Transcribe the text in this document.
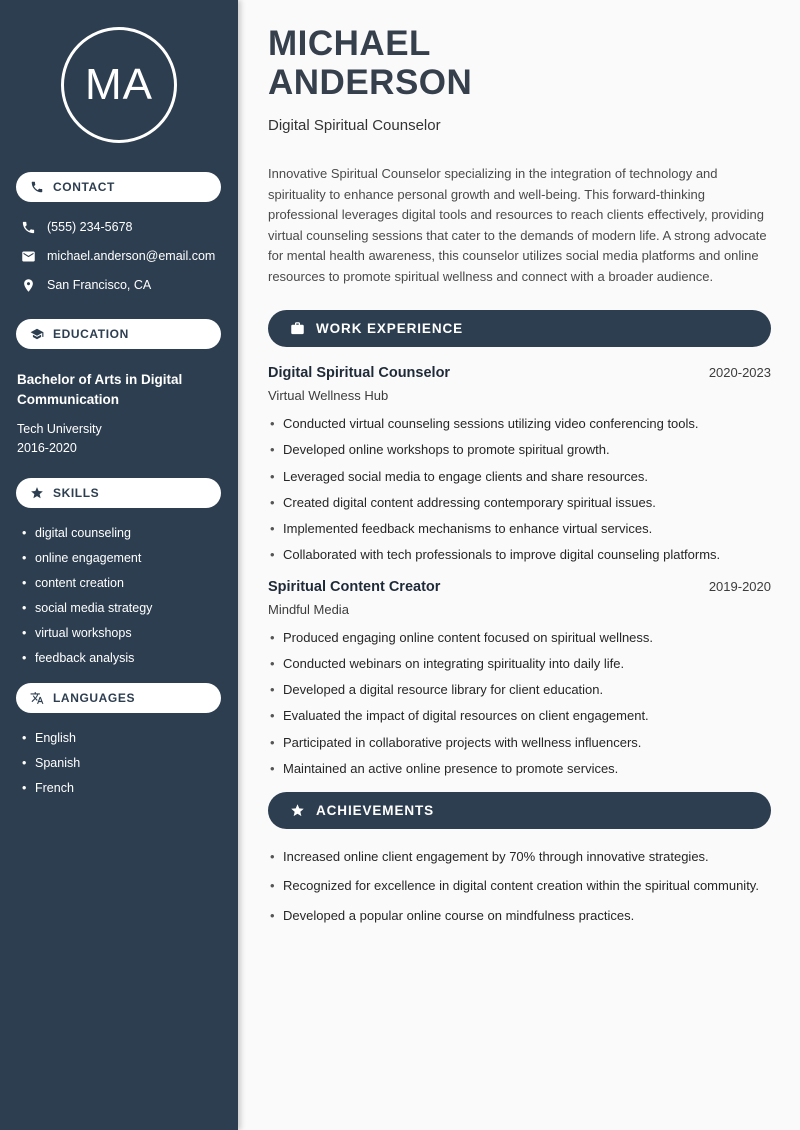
MA
CONTACT
(555) 234-5678
michael.anderson@email.com
San Francisco, CA
EDUCATION
Bachelor of Arts in Digital Communication
Tech University
2016-2020
SKILLS
• digital counseling
• online engagement
• content creation
• social media strategy
• virtual workshops
• feedback analysis
LANGUAGES
• English
• Spanish
• French
MICHAEL
ANDERSON
Digital Spiritual Counselor

Innovative Spiritual Counselor specializing in the integration of technology and spirituality to enhance personal growth and well-being. This forward-thinking professional leverages digital tools and resources to reach clients effectively, providing virtual counseling sessions that cater to the demands of modern life. A strong advocate for mental health awareness, this counselor utilizes social media platforms and online resources to promote spiritual wellness and connect with a broader audience.

WORK EXPERIENCE
Digital Spiritual Counselor	2020-2023
Virtual Wellness Hub
• Conducted virtual counseling sessions utilizing video conferencing tools.
• Developed online workshops to promote spiritual growth.
• Leveraged social media to engage clients and share resources.
• Created digital content addressing contemporary spiritual issues.
• Implemented feedback mechanisms to enhance virtual services.
• Collaborated with tech professionals to improve digital counseling platforms.
Spiritual Content Creator	2019-2020
Mindful Media
• Produced engaging online content focused on spiritual wellness.
• Conducted webinars on integrating spirituality into daily life.
• Developed a digital resource library for client education.
• Evaluated the impact of digital resources on client engagement.
• Participated in collaborative projects with wellness influencers.
• Maintained an active online presence to promote services.
ACHIEVEMENTS
• Increased online client engagement by 70% through innovative strategies.
• Recognized for excellence in digital content creation within the spiritual community.
• Developed a popular online course on mindfulness practices.
